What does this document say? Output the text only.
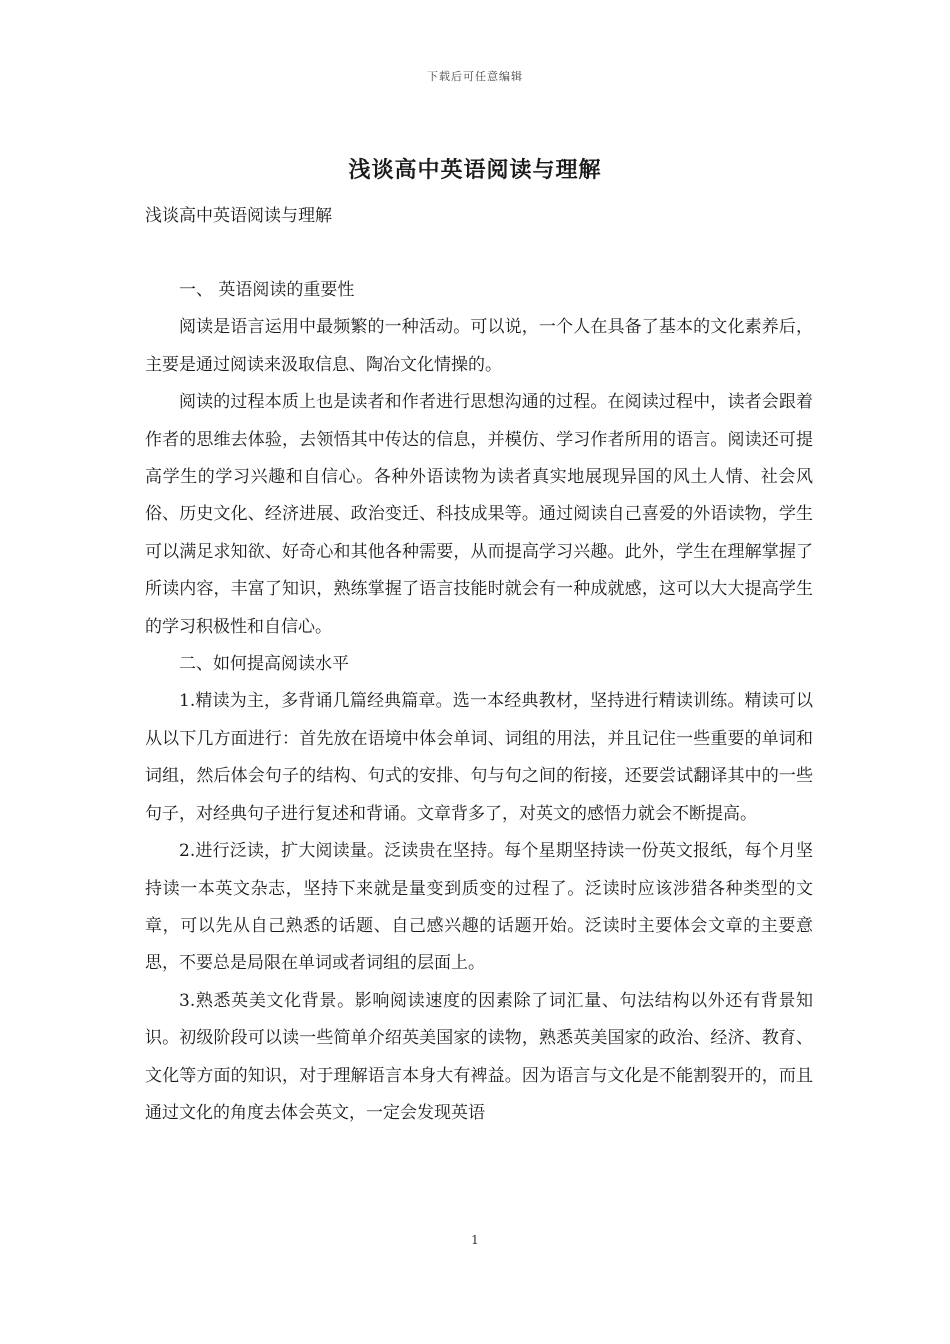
下载后可任意编辑
浅谈高中英语阅读与理解
浅谈高中英语阅读与理解

一、 英语阅读的重要性

阅读是语言运用中最频繁的一种活动。可以说，一个人在具备了基本的文化素养后，主要是通过阅读来汲取信息、陶冶文化情操的。

阅读的过程本质上也是读者和作者进行思想沟通的过程。在阅读过程中，读者会跟着作者的思维去体验，去领悟其中传达的信息，并模仿、学习作者所用的语言。阅读还可提高学生的学习兴趣和自信心。各种外语读物为读者真实地展现异国的风土人情、社会风俗、历史文化、经济进展、政治变迁、科技成果等。通过阅读自己喜爱的外语读物，学生可以满足求知欲、好奇心和其他各种需要，从而提高学习兴趣。此外，学生在理解掌握了所读内容，丰富了知识，熟练掌握了语言技能时就会有一种成就感，这可以大大提高学生的学习积极性和自信心。

二、如何提高阅读水平

1.精读为主，多背诵几篇经典篇章。选一本经典教材，坚持进行精读训练。精读可以从以下几方面进行：首先放在语境中体会单词、词组的用法，并且记住一些重要的单词和词组，然后体会句子的结构、句式的安排、句与句之间的衔接，还要尝试翻译其中的一些句子，对经典句子进行复述和背诵。文章背多了，对英文的感悟力就会不断提高。

2.进行泛读，扩大阅读量。泛读贵在坚持。每个星期坚持读一份英文报纸，每个月坚持读一本英文杂志，坚持下来就是量变到质变的过程了。泛读时应该涉猎各种类型的文章，可以先从自己熟悉的话题、自己感兴趣的话题开始。泛读时主要体会文章的主要意思，不要总是局限在单词或者词组的层面上。

3.熟悉英美文化背景。影响阅读速度的因素除了词汇量、句法结构以外还有背景知识。初级阶段可以读一些简单介绍英美国家的读物，熟悉英美国家的政治、经济、教育、文化等方面的知识，对于理解语言本身大有裨益。因为语言与文化是不能割裂开的，而且通过文化的角度去体会英文，一定会发现英语

1
